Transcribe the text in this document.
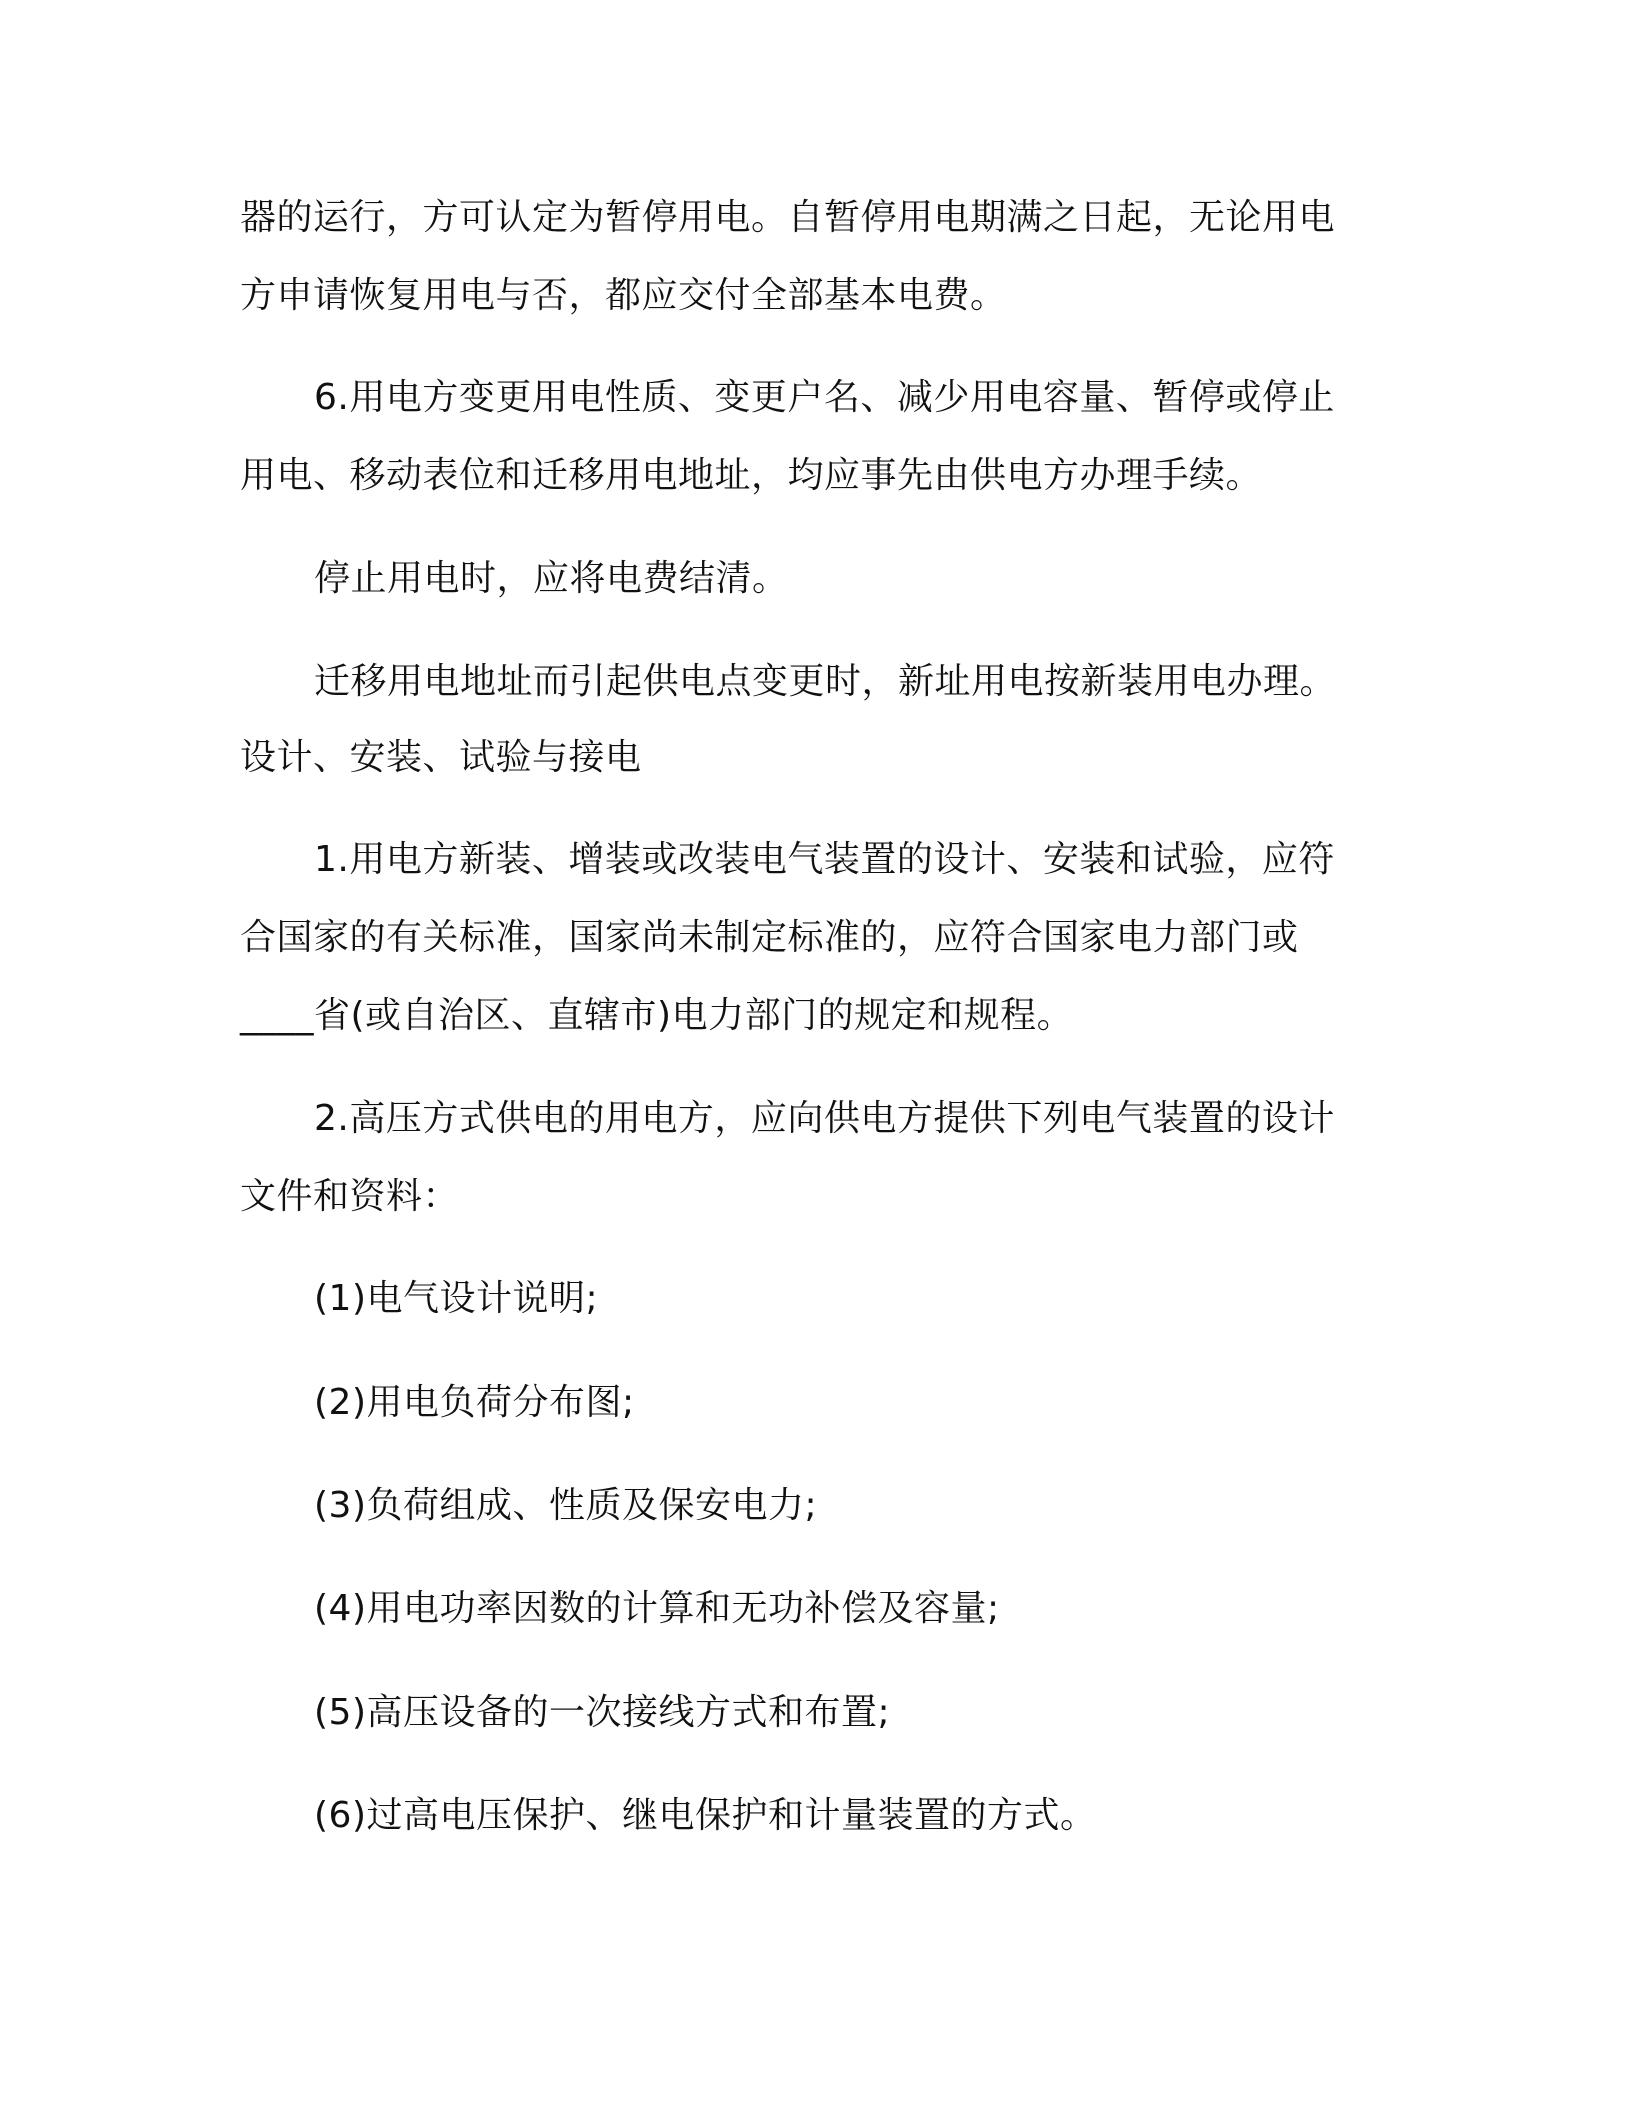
器的运行，方可认定为暂停用电。自暂停用电期满之日起，无论用电
方申请恢复用电与否，都应交付全部基本电费。
6.用电方变更用电性质、变更户名、减少用电容量、暂停或停止
用电、移动表位和迁移用电地址，均应事先由供电方办理手续。
停止用电时，应将电费结清。
迁移用电地址而引起供电点变更时，新址用电按新装用电办理。
设计、安装、试验与接电
1.用电方新装、增装或改装电气装置的设计、安装和试验，应符
合国家的有关标准，国家尚未制定标准的，应符合国家电力部门或
____省(或自治区、直辖市)电力部门的规定和规程。
2.高压方式供电的用电方，应向供电方提供下列电气装置的设计
文件和资料：
(1)电气设计说明;
(2)用电负荷分布图;
(3)负荷组成、性质及保安电力;
(4)用电功率因数的计算和无功补偿及容量;
(5)高压设备的一次接线方式和布置;
(6)过高电压保护、继电保护和计量装置的方式。
